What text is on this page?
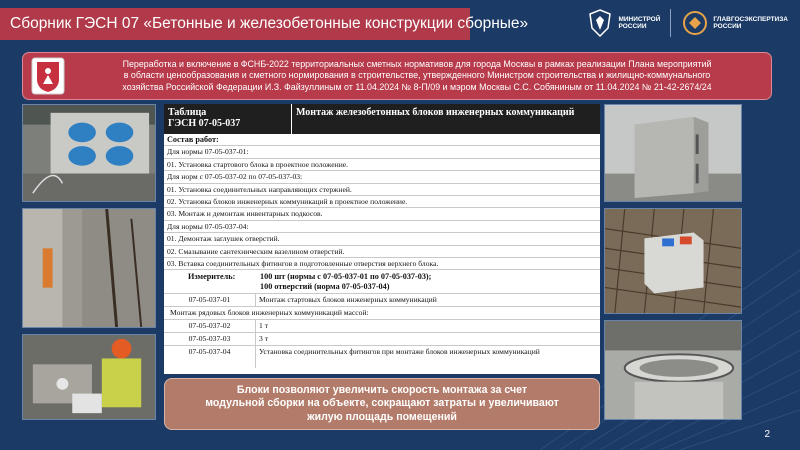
Сборник ГЭСН 07 «Бетонные и железобетонные конструкции сборные»	МИНИСТРОЙ
РОССИИ
ГЛАВГОСЭКСПЕРТИЗА
РОССИИ
Переработка и включение в ФСНБ-2022 территориальных сметных нормативов для города Москвы в рамках реализации Плана мероприятий
в области ценообразования и сметного нормирования в строительстве, утвержденного Министром строительства и жилищно-коммунального
хозяйства Российской Федерации И.З. Файзуллиным от 11.04.2024 № 8-П/09 и мэром Москвы С.С. Собяниным от 11.04.2024 № 21-42-2674/24
Таблица
ГЭСН 07-05-037
Монтаж железобетонных блоков инженерных коммуникаций
Состав работ:
Для нормы 07-05-037-01:
01. Установка стартового блока в проектное положение.
Для норм с 07-05-037-02 по 07-05-037-03:
01. Установка соединительных направляющих стержней.
02. Установка блоков инженерных коммуникаций в проектное положение.
03. Монтаж и демонтаж инвентарных подкосов.
Для нормы 07-05-037-04:
01. Демонтаж заглушек отверстий.
02. Смазывание сантехническим вазелином отверстий.
03. Вставка соединительных фитингов в подготовленные отверстия верхнего блока.
Измеритель:	100 шт (нормы с 07-05-037-01 по 07-05-037-03);
100 отверстий (норма 07-05-037-04)
07-05-037-01	Монтаж стартовых блоков инженерных коммуникаций
Монтаж рядовых блоков инженерных коммуникаций массой:
07-05-037-02	1 т
07-05-037-03	3 т
07-05-037-04	Установка соединительных фитингов при монтаже блоков инженерных коммуникаций
Блоки позволяют увеличить скорость монтажа за счет
модульной сборки на объекте, сокращают затраты и увеличивают
жилую площадь помещений
2
